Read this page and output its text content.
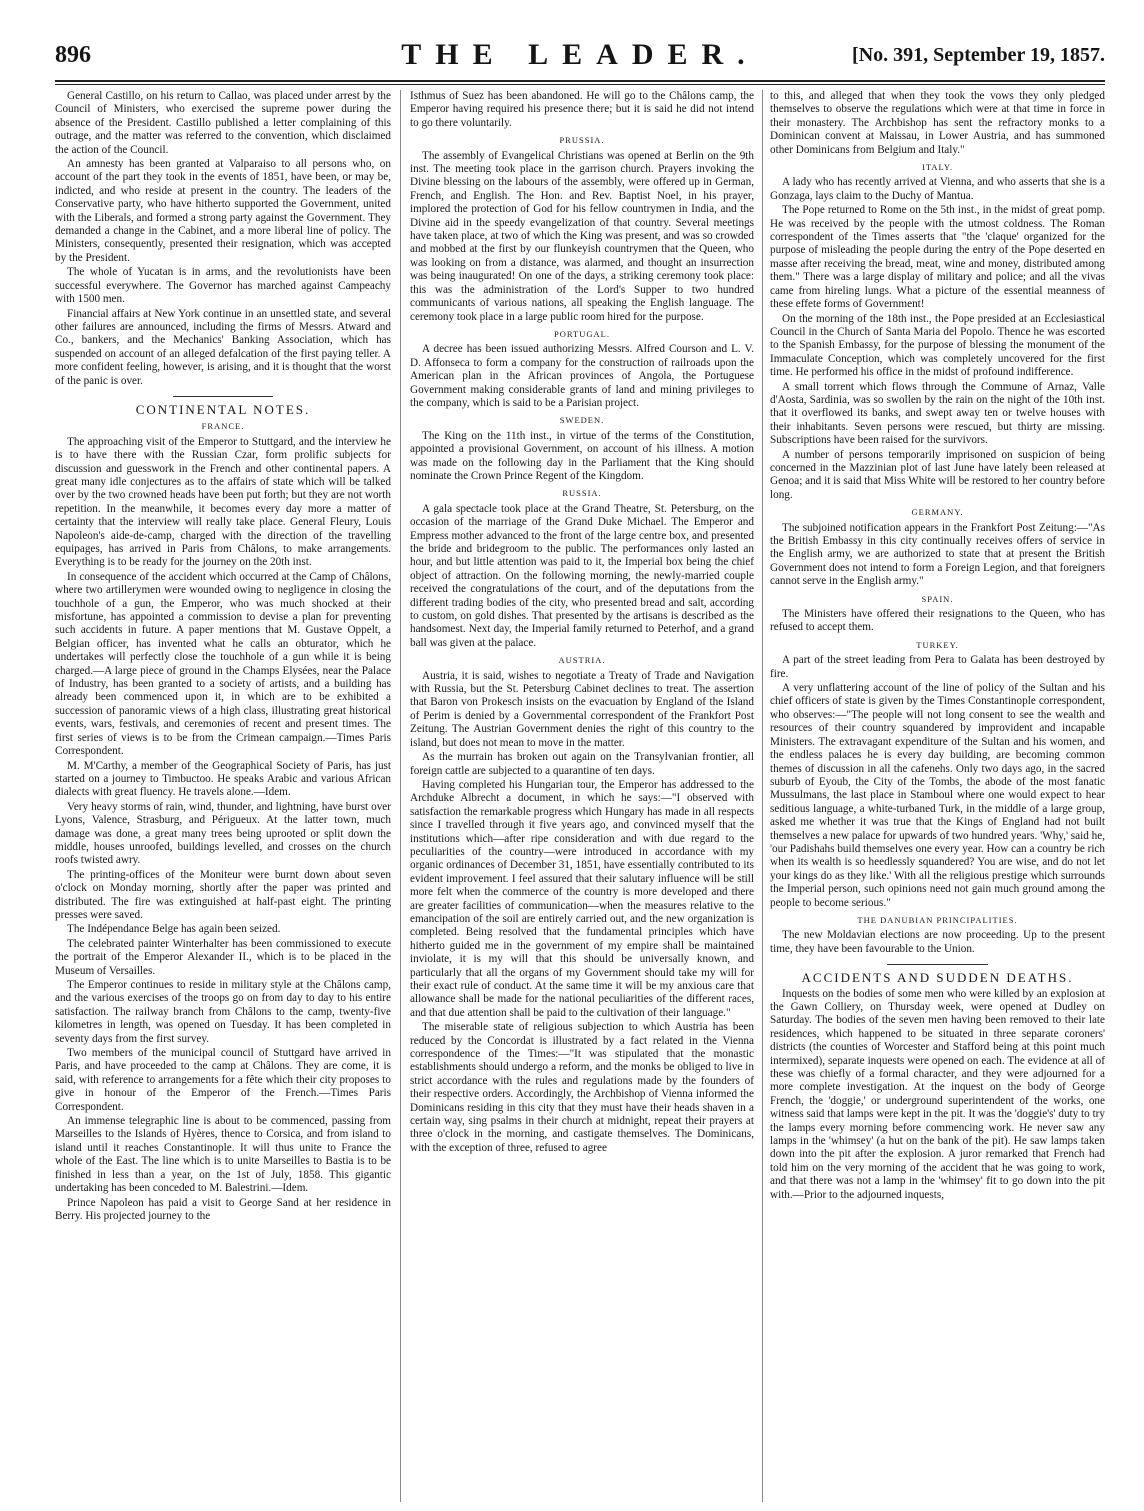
896	THE LEADER.	[No. 391, September 19, 1857.

General Castillo, on his return to Callao, was placed under arrest by the Council of Ministers, who exercised the supreme power during the absence of the President. Castillo published a letter complaining of this outrage, and the matter was referred to the convention, which disclaimed the action of the Council.

An amnesty has been granted at Valparaiso to all persons who, on account of the part they took in the events of 1851, have been, or may be, indicted, and who reside at present in the country. The leaders of the Conservative party, who have hitherto supported the Government, united with the Liberals, and formed a strong party against the Government. They demanded a change in the Cabinet, and a more liberal line of policy. The Ministers, consequently, presented their resignation, which was accepted by the President.

The whole of Yucatan is in arms, and the revolutionists have been successful everywhere. The Governor has marched against Campeachy with 1500 men.

Financial affairs at New York continue in an unsettled state, and several other failures are announced, including the firms of Messrs. Atward and Co., bankers, and the Mechanics' Banking Association, which has suspended on account of an alleged defalcation of the first paying teller. A more confident feeling, however, is arising, and it is thought that the worst of the panic is over.

CONTINENTAL NOTES.
FRANCE.

The approaching visit of the Emperor to Stuttgard, and the interview he is to have there with the Russian Czar, form prolific subjects for discussion and guesswork in the French and other continental papers. A great many idle conjectures as to the affairs of state which will be talked over by the two crowned heads have been put forth; but they are not worth repetition. In the meanwhile, it becomes every day more a matter of certainty that the interview will really take place. General Fleury, Louis Napoleon's aide-de-camp, charged with the direction of the travelling equipages, has arrived in Paris from Châlons, to make arrangements. Everything is to be ready for the journey on the 20th inst.

In consequence of the accident which occurred at the Camp of Châlons, where two artillerymen were wounded owing to negligence in closing the touchhole of a gun, the Emperor, who was much shocked at their misfortune, has appointed a commission to devise a plan for preventing such accidents in future. A paper mentions that M. Gustave Oppelt, a Belgian officer, has invented what he calls an obturator, which he undertakes will perfectly close the touchhole of a gun while it is being charged.—A large piece of ground in the Champs Elysées, near the Palace of Industry, has been granted to a society of artists, and a building has already been commenced upon it, in which are to be exhibited a succession of panoramic views of a high class, illustrating great historical events, wars, festivals, and ceremonies of recent and present times. The first series of views is to be from the Crimean campaign.—Times Paris Correspondent.

M. M'Carthy, a member of the Geographical Society of Paris, has just started on a journey to Timbuctoo. He speaks Arabic and various African dialects with great fluency. He travels alone.—Idem.

Very heavy storms of rain, wind, thunder, and lightning, have burst over Lyons, Valence, Strasburg, and Périgueux. At the latter town, much damage was done, a great many trees being uprooted or split down the middle, houses unroofed, buildings levelled, and crosses on the church roofs twisted awry.

The printing-offices of the Moniteur were burnt down about seven o'clock on Monday morning, shortly after the paper was printed and distributed. The fire was extinguished at half-past eight. The printing presses were saved.

The Indépendance Belge has again been seized.

The celebrated painter Winterhalter has been commissioned to execute the portrait of the Emperor Alexander II., which is to be placed in the Museum of Versailles.

The Emperor continues to reside in military style at the Châlons camp, and the various exercises of the troops go on from day to day to his entire satisfaction. The railway branch from Châlons to the camp, twenty-five kilometres in length, was opened on Tuesday. It has been completed in seventy days from the first survey.

Two members of the municipal council of Stuttgard have arrived in Paris, and have proceeded to the camp at Châlons. They are come, it is said, with reference to arrangements for a fête which their city proposes to give in honour of the Emperor of the French.—Times Paris Correspondent.

An immense telegraphic line is about to be commenced, passing from Marseilles to the Islands of Hyères, thence to Corsica, and from island to island until it reaches Constantinople. It will thus unite to France the whole of the East. The line which is to unite Marseilles to Bastia is to be finished in less than a year, on the 1st of July, 1858. This gigantic undertaking has been conceded to M. Balestrini.—Idem.

Prince Napoleon has paid a visit to George Sand at her residence in Berry. His projected journey to the

Isthmus of Suez has been abandoned. He will go to the Châlons camp, the Emperor having required his presence there; but it is said he did not intend to go there voluntarily.

PRUSSIA.

The assembly of Evangelical Christians was opened at Berlin on the 9th inst. The meeting took place in the garrison church. Prayers invoking the Divine blessing on the labours of the assembly, were offered up in German, French, and English. The Hon. and Rev. Baptist Noel, in his prayer, implored the protection of God for his fellow countrymen in India, and the Divine aid in the speedy evangelization of that country. Several meetings have taken place, at two of which the King was present, and was so crowded and mobbed at the first by our flunkeyish countrymen that the Queen, who was looking on from a distance, was alarmed, and thought an insurrection was being inaugurated! On one of the days, a striking ceremony took place: this was the administration of the Lord's Supper to two hundred communicants of various nations, all speaking the English language. The ceremony took place in a large public room hired for the purpose.

PORTUGAL.

A decree has been issued authorizing Messrs. Alfred Courson and L. V. D. Affonseca to form a company for the construction of railroads upon the American plan in the African provinces of Angola, the Portuguese Government making considerable grants of land and mining privileges to the company, which is said to be a Parisian project.

SWEDEN.

The King on the 11th inst., in virtue of the terms of the Constitution, appointed a provisional Government, on account of his illness. A motion was made on the following day in the Parliament that the King should nominate the Crown Prince Regent of the Kingdom.

RUSSIA.

A gala spectacle took place at the Grand Theatre, St. Petersburg, on the occasion of the marriage of the Grand Duke Michael. The Emperor and Empress mother advanced to the front of the large centre box, and presented the bride and bridegroom to the public. The performances only lasted an hour, and but little attention was paid to it, the Imperial box being the chief object of attraction. On the following morning, the newly-married couple received the congratulations of the court, and of the deputations from the different trading bodies of the city, who presented bread and salt, according to custom, on gold dishes. That presented by the artisans is described as the handsomest. Next day, the Imperial family returned to Peterhof, and a grand ball was given at the palace.

AUSTRIA.

Austria, it is said, wishes to negotiate a Treaty of Trade and Navigation with Russia, but the St. Petersburg Cabinet declines to treat. The assertion that Baron von Prokesch insists on the evacuation by England of the Island of Perim is denied by a Governmental correspondent of the Frankfort Post Zeitung. The Austrian Government denies the right of this country to the island, but does not mean to move in the matter.

As the murrain has broken out again on the Transylvanian frontier, all foreign cattle are subjected to a quarantine of ten days.

Having completed his Hungarian tour, the Emperor has addressed to the Archduke Albrecht a document, in which he says:—"I observed with satisfaction the remarkable progress which Hungary has made in all respects since I travelled through it five years ago, and convinced myself that the institutions which—after ripe consideration and with due regard to the peculiarities of the country—were introduced in accordance with my organic ordinances of December 31, 1851, have essentially contributed to its evident improvement. I feel assured that their salutary influence will be still more felt when the commerce of the country is more developed and there are greater facilities of communication—when the measures relative to the emancipation of the soil are entirely carried out, and the new organization is completed. Being resolved that the fundamental principles which have hitherto guided me in the government of my empire shall be maintained inviolate, it is my will that this should be universally known, and particularly that all the organs of my Government should take my will for their exact rule of conduct. At the same time it will be my anxious care that allowance shall be made for the national peculiarities of the different races, and that due attention shall be paid to the cultivation of their language."

The miserable state of religious subjection to which Austria has been reduced by the Concordat is illustrated by a fact related in the Vienna correspondence of the Times:—"It was stipulated that the monastic establishments should undergo a reform, and the monks be obliged to live in strict accordance with the rules and regulations made by the founders of their respective orders. Accordingly, the Archbishop of Vienna informed the Dominicans residing in this city that they must have their heads shaven in a certain way, sing psalms in their church at midnight, repeat their prayers at three o'clock in the morning, and castigate themselves. The Dominicans, with the exception of three, refused to agree

to this, and alleged that when they took the vows they only pledged themselves to observe the regulations which were at that time in force in their monastery. The Archbishop has sent the refractory monks to a Dominican convent at Maissau, in Lower Austria, and has summoned other Dominicans from Belgium and Italy."

ITALY.

A lady who has recently arrived at Vienna, and who asserts that she is a Gonzaga, lays claim to the Duchy of Mantua.

The Pope returned to Rome on the 5th inst., in the midst of great pomp. He was received by the people with the utmost coldness. The Roman correspondent of the Times asserts that "the 'claque' organized for the purpose of misleading the people during the entry of the Pope deserted en masse after receiving the bread, meat, wine and money, distributed among them." There was a large display of military and police; and all the vivas came from hireling lungs. What a picture of the essential meanness of these effete forms of Government!

On the morning of the 18th inst., the Pope presided at an Ecclesiastical Council in the Church of Santa Maria del Popolo. Thence he was escorted to the Spanish Embassy, for the purpose of blessing the monument of the Immaculate Conception, which was completely uncovered for the first time. He performed his office in the midst of profound indifference.

A small torrent which flows through the Commune of Arnaz, Valle d'Aosta, Sardinia, was so swollen by the rain on the night of the 10th inst. that it overflowed its banks, and swept away ten or twelve houses with their inhabitants. Seven persons were rescued, but thirty are missing. Subscriptions have been raised for the survivors.

A number of persons temporarily imprisoned on suspicion of being concerned in the Mazzinian plot of last June have lately been released at Genoa; and it is said that Miss White will be restored to her country before long.

GERMANY.

The subjoined notification appears in the Frankfort Post Zeitung:—"As the British Embassy in this city continually receives offers of service in the English army, we are authorized to state that at present the British Government does not intend to form a Foreign Legion, and that foreigners cannot serve in the English army."

SPAIN.

The Ministers have offered their resignations to the Queen, who has refused to accept them.

TURKEY.

A part of the street leading from Pera to Galata has been destroyed by fire.

A very unflattering account of the line of policy of the Sultan and his chief officers of state is given by the Times Constantinople correspondent, who observes:—"The people will not long consent to see the wealth and resources of their country squandered by improvident and incapable Ministers. The extravagant expenditure of the Sultan and his women, and the endless palaces he is every day building, are becoming common themes of discussion in all the cafenehs. Only two days ago, in the sacred suburb of Eyoub, the City of the Tombs, the abode of the most fanatic Mussulmans, the last place in Stamboul where one would expect to hear seditious language, a white-turbaned Turk, in the middle of a large group, asked me whether it was true that the Kings of England had not built themselves a new palace for upwards of two hundred years. 'Why,' said he, 'our Padishahs build themselves one every year. How can a country be rich when its wealth is so heedlessly squandered? You are wise, and do not let your kings do as they like.' With all the religious prestige which surrounds the Imperial person, such opinions need not gain much ground among the people to become serious."

THE DANUBIAN PRINCIPALITIES.

The new Moldavian elections are now proceeding. Up to the present time, they have been favourable to the Union.

ACCIDENTS AND SUDDEN DEATHS.

Inquests on the bodies of some men who were killed by an explosion at the Gawn Colliery, on Thursday week, were opened at Dudley on Saturday. The bodies of the seven men having been removed to their late residences, which happened to be situated in three separate coroners' districts (the counties of Worcester and Stafford being at this point much intermixed), separate inquests were opened on each. The evidence at all of these was chiefly of a formal character, and they were adjourned for a more complete investigation. At the inquest on the body of George French, the 'doggie,' or underground superintendent of the works, one witness said that lamps were kept in the pit. It was the 'doggie's' duty to try the lamps every morning before commencing work. He never saw any lamps in the 'whimsey' (a hut on the bank of the pit). He saw lamps taken down into the pit after the explosion. A juror remarked that French had told him on the very morning of the accident that he was going to work, and that there was not a lamp in the 'whimsey' fit to go down into the pit with.—Prior to the adjourned inquests,
